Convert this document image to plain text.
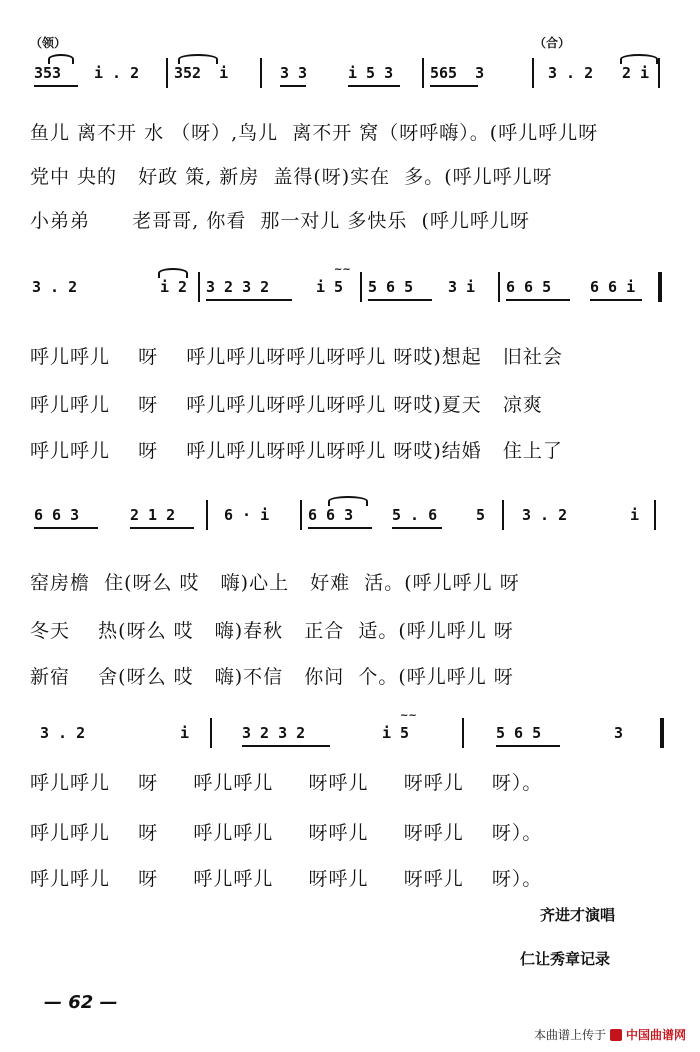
（领）	（合）
353 i . 2 352  i	3 3	i 5 3 565  3	3 . 2 2 i
鱼儿 离不开 水 （呀）,鸟儿  离不开 窝（呀呼嗨）。(呼儿呼儿呀
党中 央的   好政 策, 新房  盖得(呀)实在  多。(呼儿呼儿呀
小弟弟      老哥哥, 你看  那一对儿 多快乐  (呼儿呼儿呀
3 . 2	i 2 3 2 3 2	i 5
~~
5 6 5 3 i 6 6 5	6 6 i
呼儿呼儿    呀    呼儿呼儿呀呼儿呀呼儿 呀哎)想起   旧社会
呼儿呼儿    呀    呼儿呼儿呀呼儿呀呼儿 呀哎)夏天   凉爽
呼儿呼儿    呀    呼儿呼儿呀呼儿呀呼儿 呀哎)结婚   住上了
6 6 3	2 1 2	6 · i	6 6 3	5 . 6	5 3 . 2	i
窑房檐  住(呀么 哎   嗨)心上   好难  活。(呼儿呼儿 呀
冬天    热(呀么 哎   嗨)春秋   正合  适。(呼儿呼儿 呀
新宿    舍(呀么 哎   嗨)不信   你问  个。(呼儿呼儿 呀
3 . 2	i	3 2 3 2	i 5
~~
5 6 5	3
呼儿呼儿    呀     呼儿呼儿     呀呼儿     呀呼儿    呀）。
呼儿呼儿    呀     呼儿呼儿     呀呼儿     呀呼儿    呀）。
呼儿呼儿    呀     呼儿呼儿     呀呼儿     呀呼儿    呀）。
齐进才演唱
仁让秀章记录
— 62 —
本曲谱上传于 中国曲谱网
